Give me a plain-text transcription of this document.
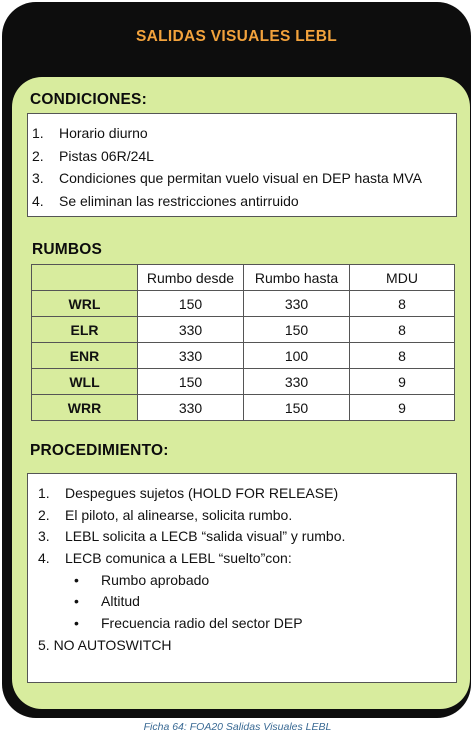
SALIDAS VISUALES LEBL
CONDICIONES:
1. Horario diurno
2. Pistas 06R/24L
3. Condiciones que permitan vuelo visual en DEP hasta MVA
4. Se eliminan las restricciones antirruido
RUMBOS
	Rumbo desde	Rumbo hasta	MDU
WRL	150	330	8
ELR	330	150	8
ENR	330	100	8
WLL	150	330	9
WRR	330	150	9
PROCEDIMIENTO:
1. Despegues sujetos (HOLD FOR RELEASE)
2. El piloto, al alinearse, solicita rumbo.
3. LEBL solicita a LECB “salida visual” y rumbo.
4. LECB comunica a LEBL “suelto”con:
• Rumbo aprobado
• Altitud
• Frecuencia radio del sector DEP
5. NO AUTOSWITCH
Ficha 64: FOA20 Salidas Visuales LEBL
